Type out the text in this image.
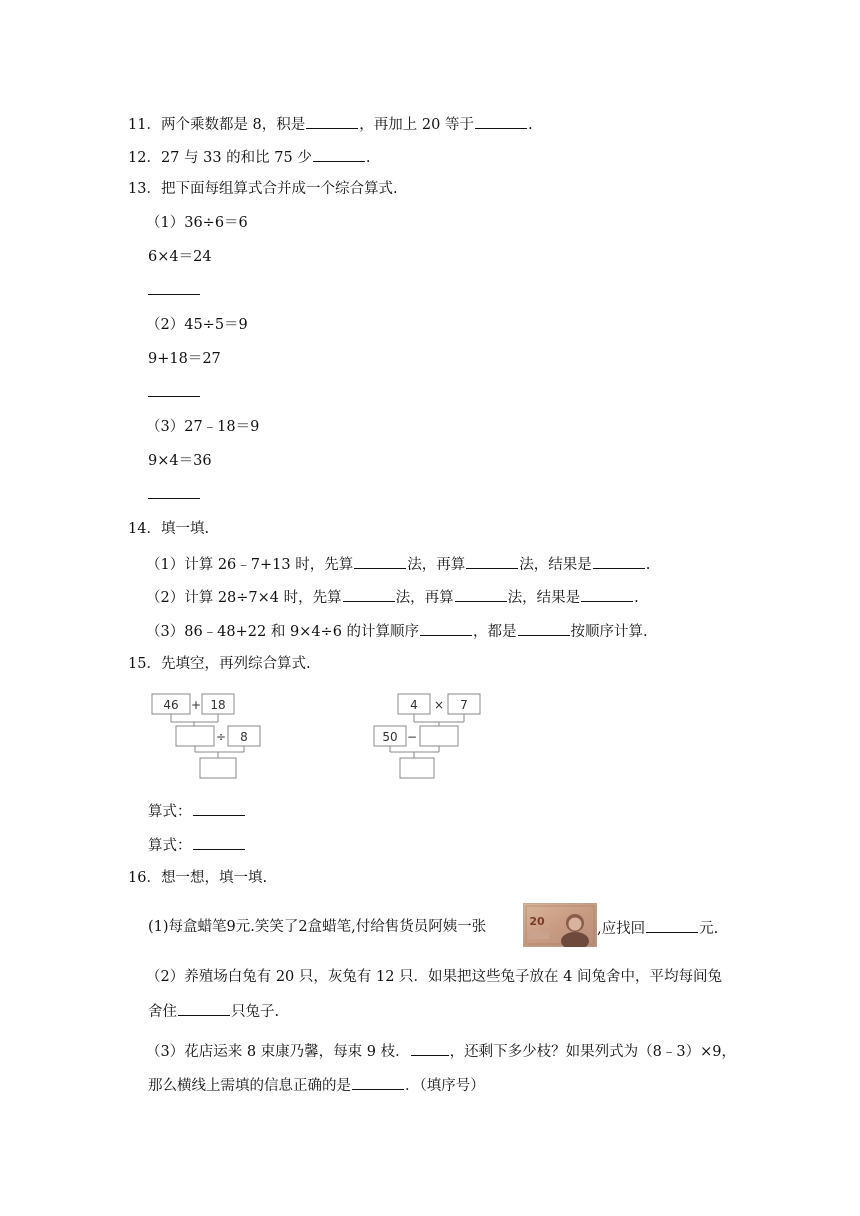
11．两个乘数都是 8，积是	，再加上 20 等于	.
12．27 与 33 的和比 75 少	.
13．把下面每组算式合并成一个综合算式.
（1）36÷6＝6
6×4＝24
（2）45÷5＝9
9+18＝27
（3）27﹣18＝9
9×4＝36
14．填一填.
（1）计算 26﹣7+13 时，先算	法，再算	法，结果是	.
（2）计算 28÷7×4 时，先算	法，再算	法，结果是	.
（3）86﹣48+22 和 9×4÷6 的计算顺序	，都是	按顺序计算.
15．先填空，再列综合算式.
46 + 18
÷ 8
4 × 7
50 −
算式：
算式：
16．想一想，填一填.
(1)每盒蜡笔9元.笑笑了2盒蜡笔,付给售货员阿姨一张	20	,应找回	元.
（2）养殖场白兔有 20 只，灰兔有 12 只．如果把这些兔子放在 4 间兔舍中，平均每间兔
舍住	只兔子.
（3）花店运来 8 束康乃馨，每束 9 枝．	，还剩下多少枝？如果列式为（8﹣3）×9，
那么横线上需填的信息正确的是	．（填序号）
